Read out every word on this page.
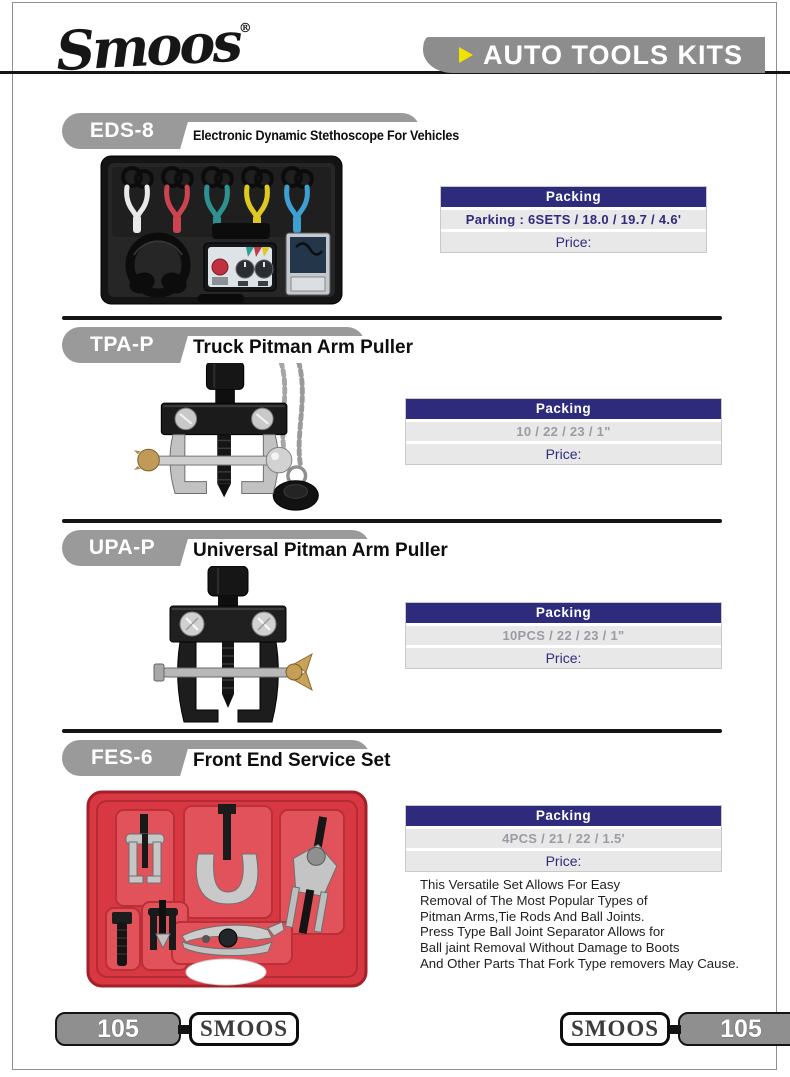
Smoos®
AUTO TOOLS KITS
EDS-8	Electronic Dynamic Stethoscope For Vehicles
Packing
Parking : 6SETS / 18.0 / 19.7 / 4.6'
Price:
TPA-P	Truck Pitman Arm Puller
Packing
10 / 22 / 23 / 1"
Price:
UPA-P	Universal Pitman Arm Puller
Packing
10PCS / 22 / 23 / 1"
Price:
FES-6	Front End Service Set
Packing
4PCS / 21 / 22 / 1.5'
Price:
This Versatile Set Allows For Easy
Removal of The Most Popular Types of
Pitman Arms,Tie Rods And Ball Joints.
Press Type Ball Joint Separator Allows for
Ball jaint Removal Without Damage to Boots
And Other Parts That Fork Type removers May Cause.
105	SMOOS	SMOOS	105
